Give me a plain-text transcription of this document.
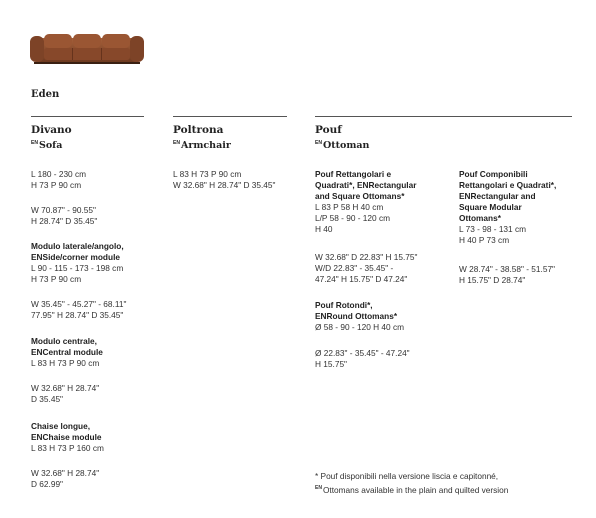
Eden
Divano
$^{EN}$Sofa
Poltrona
$^{EN}$Armchair
Pouf
$^{EN}$Ottoman
L 180 - 230 cm
H 73 P 90 cm
W 70.87" - 90.55"
H 28.74" D 35.45"
Modulo laterale/angolo,
ENSide/corner module
L 90 - 115 - 173 - 198 cm
H 73 P 90 cm
W 35.45" - 45.27" - 68.11"
77.95" H 28.74" D 35.45"
Modulo centrale,
ENCentral module
L 83 H 73 P 90 cm
W 32.68" H 28.74"
D 35.45"
Chaise longue,
ENChaise module
L 83 H 73 P 160 cm
W 32.68" H 28.74"
D 62.99"
L 83 H 73 P 90 cm
W 32.68" H 28.74" D 35.45"
Pouf Rettangolari e
Quadrati*, ENRectangular
and Square Ottomans*
L 83 P 58 H 40 cm
L/P 58 - 90 - 120 cm
H 40
W 32.68" D 22.83" H 15.75"
W/D 22.83" - 35.45" -
47.24" H 15.75" D 47.24"
Pouf Rotondi*,
ENRound Ottomans*
Ø 58 - 90 - 120 H 40 cm
Ø 22.83" - 35.45" - 47.24"
H 15.75"
Pouf Componibili
Rettangolari e Quadrati*,
ENRectangular and
Square Modular
Ottomans*
L 73 - 98 - 131 cm
H 40 P 73 cm
W 28.74" - 38.58" - 51.57"
H 15.75" D 28.74"
* Pouf disponibili nella versione liscia e capitonné,
$^{EN}$Ottomans available in the plain and quilted version
